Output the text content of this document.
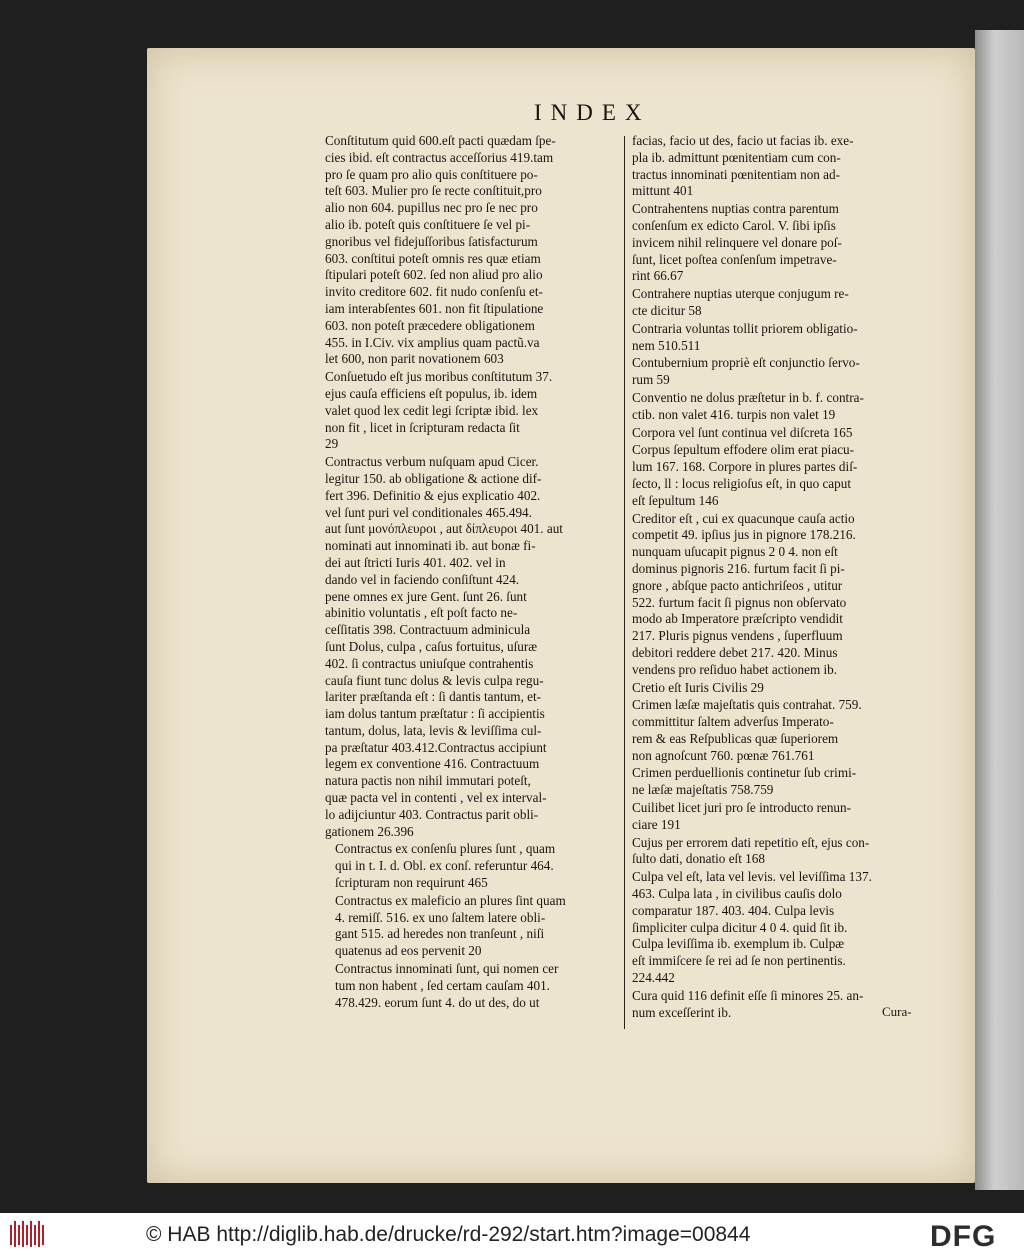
INDEX
Conſtitutum quid 600.eſt pacti quædam ſpe-
cies ibid. eſt contractus acceſſorius 419.tam
pro ſe quam pro alio quis conſtituere po-
teſt 603. Mulier pro ſe recte conſtituit,pro
alio non 604. pupillus nec pro ſe nec pro
alio ib. poteſt quis conſtituere ſe vel pi-
gnoribus vel fidejuſſoribus ſatisfacturum
603. conſtitui poteſt omnis res quæ etiam
ſtipulari poteſt 602. ſed non aliud pro alio
invito creditore 602. fit nudo conſenſu et-
iam interabſentes 601. non fit ſtipulatione
603. non poteſt præcedere obligationem
455. in I.Civ. vix amplius quam pactũ.va
let 600, non parit novationem 603
Conſuetudo eſt jus moribus conſtitutum 37.
ejus cauſa efficiens eſt populus, ib. idem
valet quod lex cedit legi ſcriptæ ibid. lex
non fit , licet in ſcripturam redacta ſit
29
Contractus verbum nuſquam apud Cicer.
legitur 150. ab obligatione & actione dif-
fert 396. Definitio & ejus explicatio 402.
vel ſunt puri vel conditionales 465.494.
aut ſunt μονόπλευροι , aut δίπλευροι 401. aut
nominati aut innominati ib. aut bonæ fi-
dei aut ſtricti Iuris 401. 402. vel in
dando vel in faciendo conſiſtunt 424.
pene omnes ex jure Gent. ſunt 26. ſunt
abinitio voluntatis , eſt poſt facto ne-
ceſſitatis 398. Contractuum adminicula
ſunt Dolus, culpa , caſus fortuitus, uſuræ
402. ſi contractus uniuſque contrahentis
cauſa fiunt tunc dolus & levis culpa regu-
lariter præſtanda eſt : ſi dantis tantum, et-
iam dolus tantum præſtatur : ſi accipientis
tantum, dolus, lata, levis & leviſſima cul-
pa præſtatur 403.412.Contractus accipiunt
legem ex conventione 416. Contractuum
natura pactis non nihil immutari poteſt,
quæ pacta vel in contenti , vel ex interval-
lo adijciuntur 403. Contractus parit obli-
gationem 26.396
Contractus ex conſenſu plures ſunt , quam
qui in t. I. d. Obl. ex conſ. referuntur 464.
ſcripturam non requirunt 465
Contractus ex maleficio an plures ſint quam
4. remiſſ. 516. ex uno ſaltem latere obli-
gant 515. ad heredes non tranſeunt , niſi
quatenus ad eos pervenit 20
Contractus innominati ſunt, qui nomen cer
tum non habent , ſed certam cauſam 401.
478.429. eorum ſunt 4. do ut des, do ut
facias, facio ut des, facio ut facias ib. exe-
pla ib. admittunt pœnitentiam cum con-
tractus innominati pœnitentiam non ad-
mittunt 401
Contrahentens nuptias contra parentum
conſenſum ex edicto Carol. V. ſibi ipſis
invicem nihil relinquere vel donare poſ-
ſunt, licet poſtea conſenſum impetrave-
rint 66.67
Contrahere nuptias uterque conjugum re-
cte dicitur 58
Contraria voluntas tollit priorem obligatio-
nem 510.511
Contubernium propriè eſt conjunctio ſervo-
rum 59
Conventio ne dolus præſtetur in b. f. contra-
ctib. non valet 416. turpis non valet 19
Corpora vel ſunt continua vel diſcreta 165
Corpus ſepultum effodere olim erat piacu-
lum 167. 168. Corpore in plures partes diſ-
ſecto, ll : locus religioſus eſt, in quo caput
eſt ſepultum 146
Creditor eſt , cui ex quacunque cauſa actio
competit 49. ipſius jus in pignore 178.216.
nunquam uſucapit pignus 2 0 4. non eſt
dominus pignoris 216. furtum facit ſi pi-
gnore , abſque pacto antichriſeos , utitur
522. furtum facit ſi pignus non obſervato
modo ab Imperatore præſcripto vendidit
217. Pluris pignus vendens , ſuperfluum
debitori reddere debet 217. 420. Minus
vendens pro reſiduo habet actionem ib.
Cretio eſt Iuris Civilis 29
Crimen læſæ majeſtatis quis contrahat. 759.
committitur ſaltem adverſus Imperato-
rem & eas Reſpublicas quæ ſuperiorem
non agnoſcunt 760. pœnæ 761.761
Crimen perduellionis continetur ſub crimi-
ne læſæ majeſtatis 758.759
Cuilibet licet juri pro ſe introducto renun-
ciare 191
Cujus per errorem dati repetitio eſt, ejus con-
ſulto dati, donatio eſt 168
Culpa vel eſt, lata vel levis. vel leviſſima 137.
463. Culpa lata , in civilibus cauſis dolo
comparatur 187. 403. 404. Culpa levis
ſimpliciter culpa dicitur 4 0 4. quid ſit ib.
Culpa leviſſima ib. exemplum ib. Culpæ
eſt immiſcere ſe rei ad ſe non pertinentis.
224.442
Cura quid 116 definit eſſe ſi minores 25. an-
num exceſſerint ib.	Cura-
© HAB http://diglib.hab.de/drucke/rd-292/start.htm?image=00844	DFG
